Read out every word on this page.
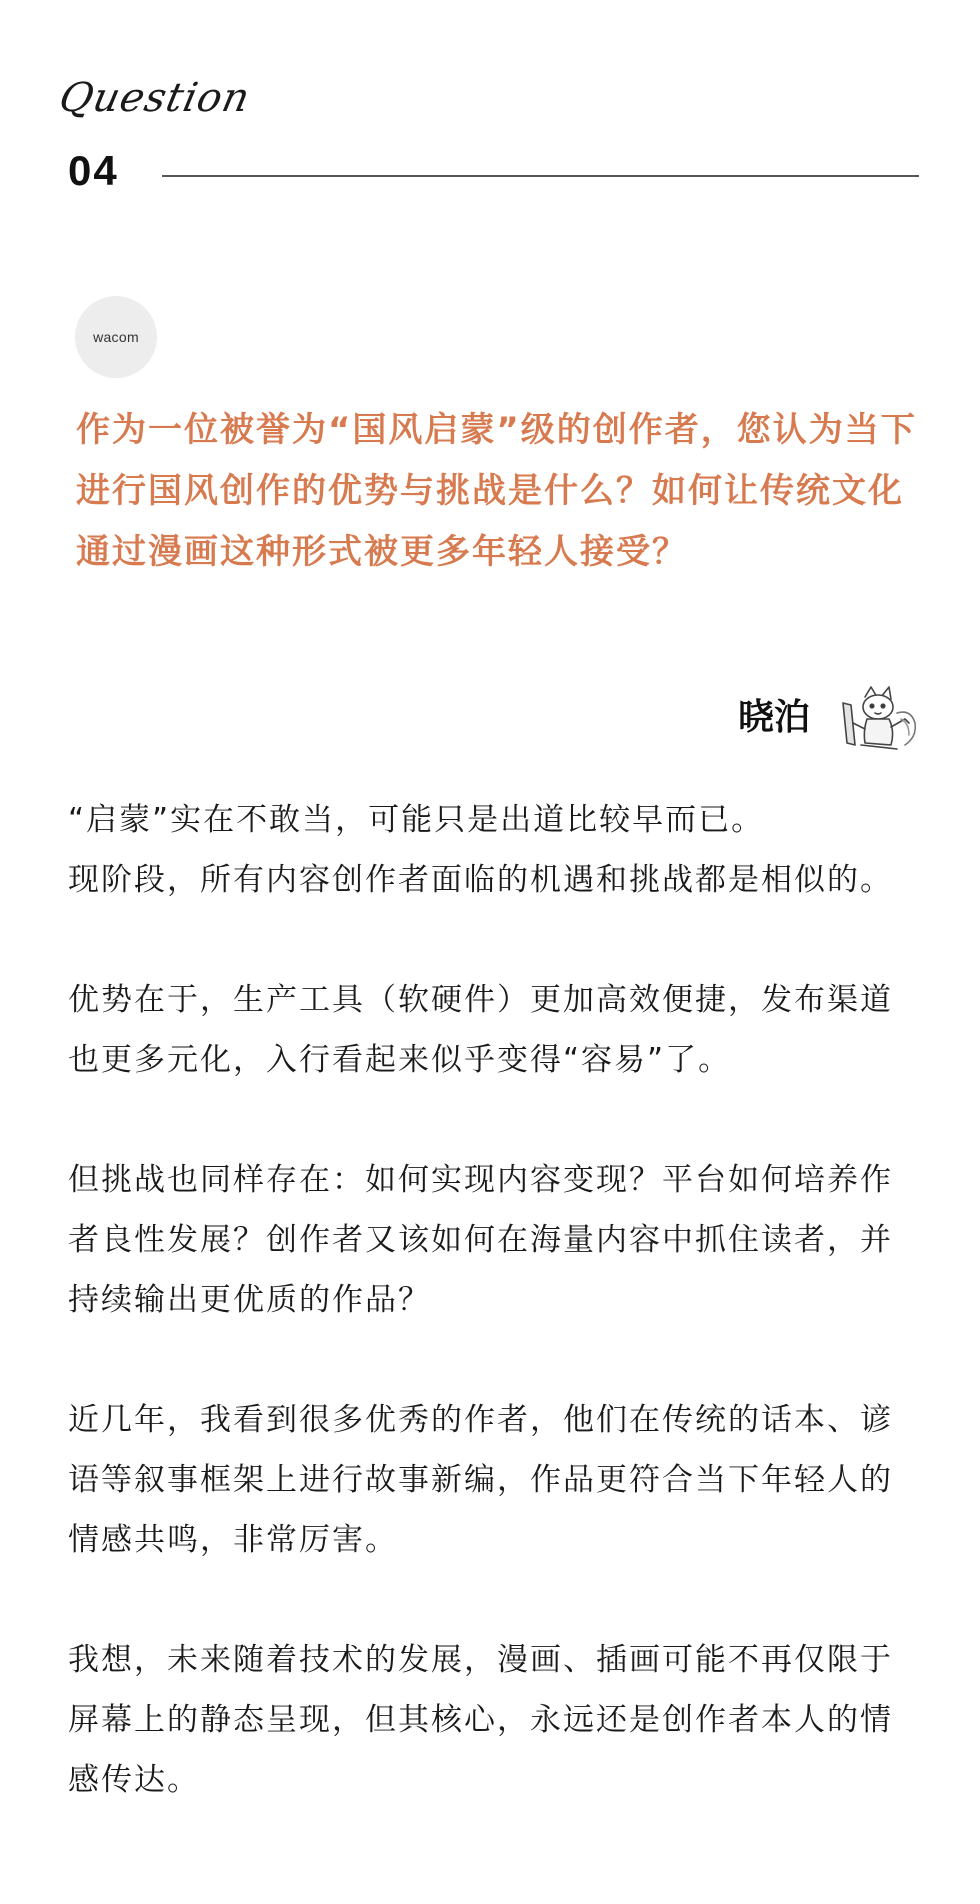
Question
04
wacom

作为一位被誉为“国风启蒙”级的创作者，您认为当下进行国风创作的优势与挑战是什么？如何让传统文化通过漫画这种形式被更多年轻人接受？

晓泊

“启蒙”实在不敢当，可能只是出道比较早而已。
现阶段，所有内容创作者面临的机遇和挑战都是相似的。

优势在于，生产工具（软硬件）更加高效便捷，发布渠道也更多元化，入行看起来似乎变得“容易”了。

但挑战也同样存在：如何实现内容变现？平台如何培养作者良性发展？创作者又该如何在海量内容中抓住读者，并持续输出更优质的作品？

近几年，我看到很多优秀的作者，他们在传统的话本、谚语等叙事框架上进行故事新编，作品更符合当下年轻人的情感共鸣，非常厉害。

我想，未来随着技术的发展，漫画、插画可能不再仅限于屏幕上的静态呈现，但其核心，永远还是创作者本人的情感传达。
